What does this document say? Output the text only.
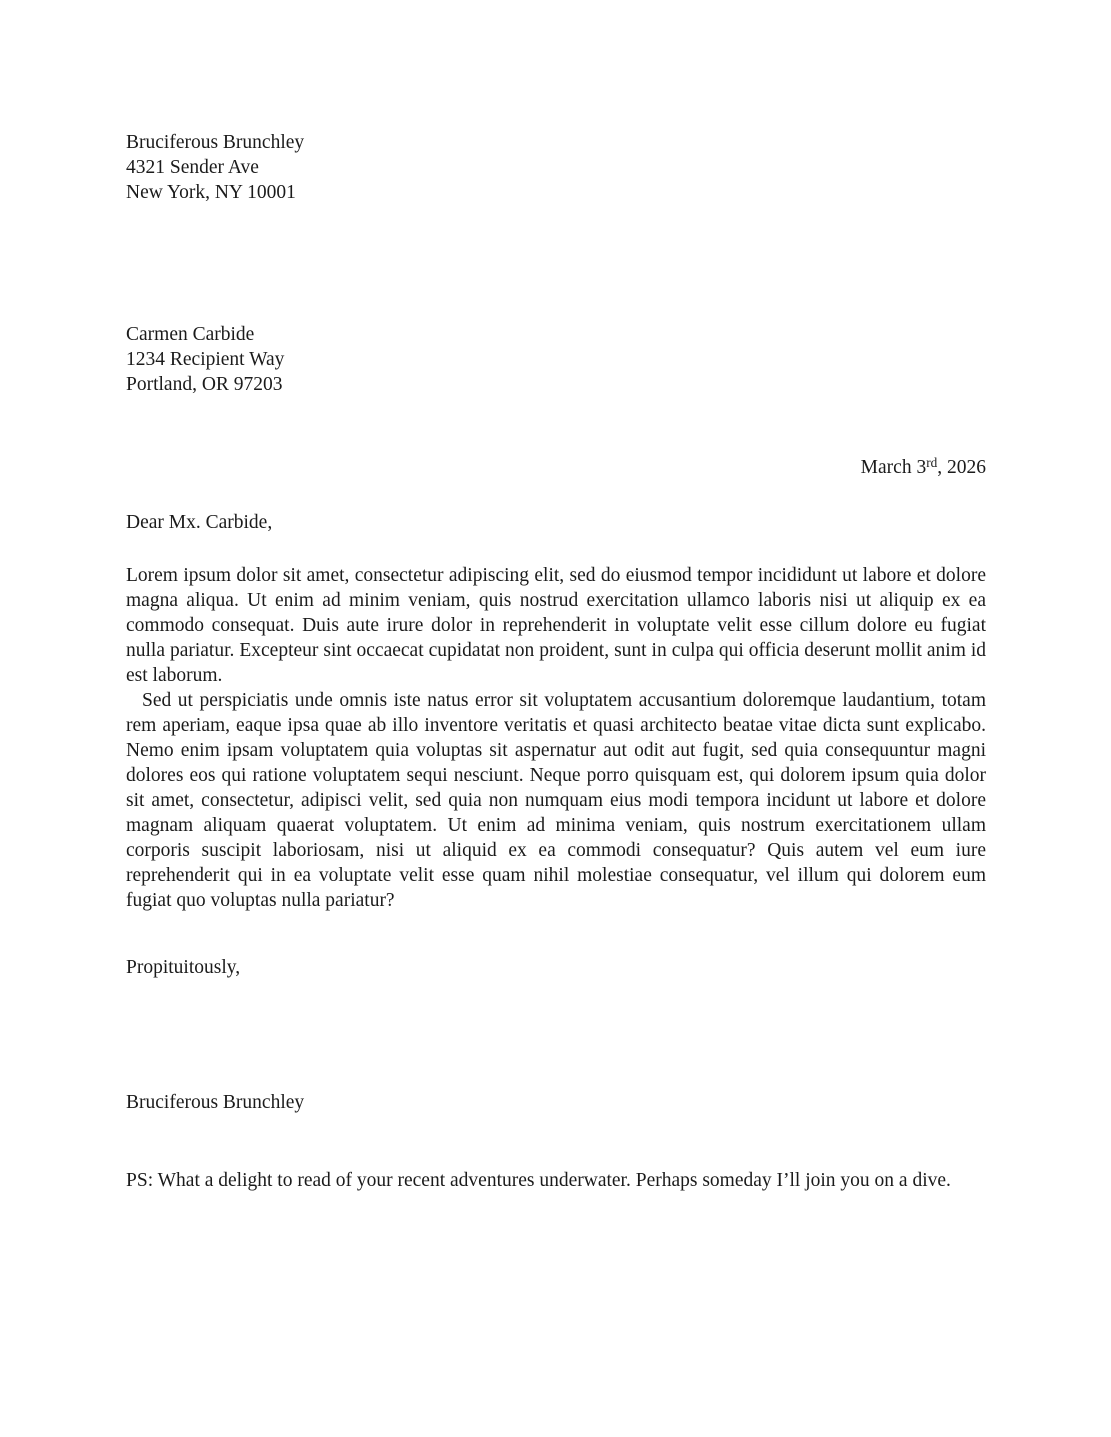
Bruciferous Brunchley
4321 Sender Ave
New York, NY 10001
Carmen Carbide
1234 Recipient Way
Portland, OR 97203
March 3rd, 2026
Dear Mx. Carbide,

Lorem ipsum dolor sit amet, consectetur adipiscing elit, sed do eiusmod tempor incididunt ut labore et dolore magna aliqua. Ut enim ad minim veniam, quis nostrud exercitation ullamco laboris nisi ut aliquip ex ea commodo consequat. Duis aute irure dolor in reprehenderit in voluptate velit esse cillum dolore eu fugiat nulla pariatur. Excepteur sint occaecat cupidatat non proident, sunt in culpa qui officia deserunt mollit anim id est laborum.

Sed ut perspiciatis unde omnis iste natus error sit voluptatem accusantium doloremque laudantium, totam rem aperiam, eaque ipsa quae ab illo inventore veritatis et quasi architecto beatae vitae dicta sunt explicabo. Nemo enim ipsam voluptatem quia voluptas sit aspernatur aut odit aut fugit, sed quia consequuntur magni dolores eos qui ratione voluptatem sequi nesciunt. Neque porro quisquam est, qui dolorem ipsum quia dolor sit amet, consectetur, adipisci velit, sed quia non numquam eius modi tempora incidunt ut labore et dolore magnam aliquam quaerat voluptatem. Ut enim ad minima veniam, quis nostrum exercitationem ullam corporis suscipit laboriosam, nisi ut aliquid ex ea commodi consequatur? Quis autem vel eum iure reprehenderit qui in ea voluptate velit esse quam nihil molestiae consequatur, vel illum qui dolorem eum fugiat quo voluptas nulla pariatur?

Propituitously,
Bruciferous Brunchley
PS: What a delight to read of your recent adventures underwater. Perhaps someday I’ll join you on a dive.
